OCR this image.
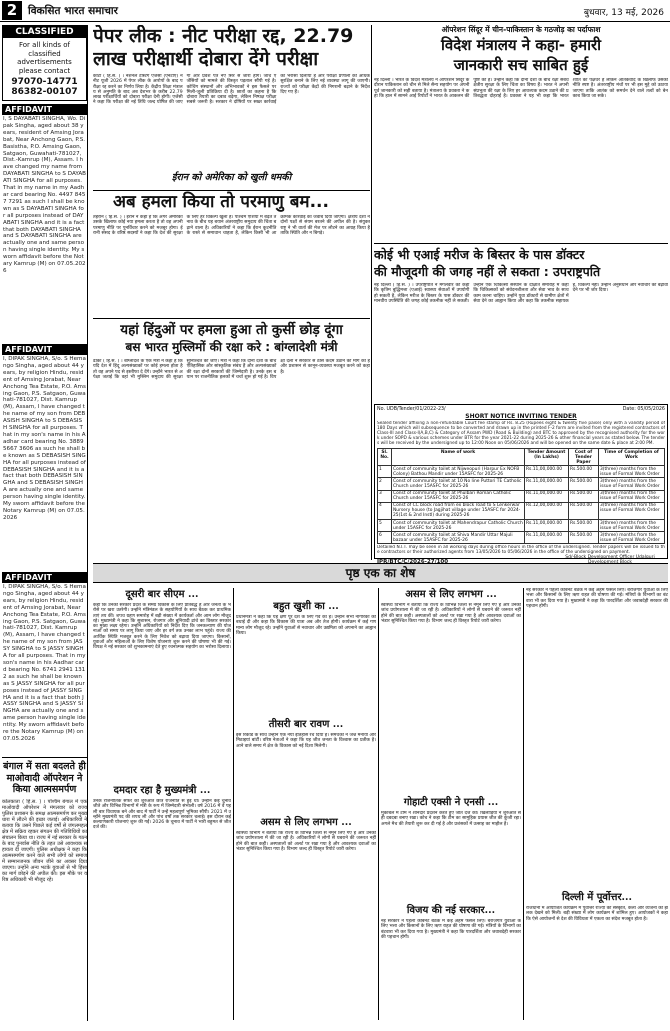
2	विकसित भारत समाचार	बुधवार, 13 मई, 2026
CLASSIFIED
For all kinds of classified advertisements please contact
97070-14771
86382-00107
AFFIDAVIT
I, S DAYABATI SINGHA, Wo. Dipak Singha, aged about 38 years, resident of Amsing Jorabat, Near Anchong Gaon, P.S. Basistha, P.O. Amsing Gaon, Satgaon, Guwahati-781027, Dist.-Kamrup (M), Assam. I have changed my name from DAYABATI SINGHA to S DAYABATI SINGHA for all purposes. That in my name in my Aadhar card bearing No. 4497 8457 7291 as such I shall be known as S DAYABATI SINGHA for all purposes instead of DAYABATI SINGHA and it is a fact that both DAYABATI SINGHA and S DAYABATI SINGHA are actually one and same person having single identity. My sworn affidavit before the Notary Kamrup (M) on 07.05.2026
AFFIDAVIT
I, DIPAK SINGHA, S/o. S Hemango Singha, aged about 44 years, by religion Hindu, resident of Amsing Jorabat, Near Anchong Tea Estate, P.O. Amsing Gaon, P.S. Satgaon, Guwahati-781027, Dist. Kamrup (M), Assam, I have changed the name of my son from DEBASISH SINGHA to S DEBASISH SINGHA for all purposes. That in my son's name in his Aadhar card bearing No. 3889 5667 3606 as such he shall be known as S DEBASISH SINGHA for all purposes instead of DEBASISH SINGHA and it is a fact that both DEBASISH SINGHA and S DEBASISH SINGHA are actually one and same person having single identity. My sworn affidavit before the Notary Kamrup (M) on 07.05.2026
AFFIDAVIT
I, DIPAK SINGHA, S/o. S Hemango Singha, aged about 44 years, by religion Hindu, resident of Amsing Jorabat, Near Anchong Tea Estate, P.O. Amsing Gaon, P.S. Satgaon, Guwahati-781027, Dist. Kamrup (M), Assam, I have changed the name of my son from JASSY SINGHA to S JASSY SINGHA for all purposes. That in my son's name in his Aadhar card bearing No. 6741 2941 1312 as such he shall be known as S JASSY SINGHA for all purposes instead of JASSY SINGHA and it is a fact that both JASSY SINGHA and S JASSY SINGHA are actually one and same person having single identity. My sworn affidavit before the Notary Kamrup (M) on 07.05.2026
बंगाल में सता बदलते ही माओवादी ऑपरेशन ने किया आत्मसमर्पण
कोलकाता ( हि.स. ) । पश्चिम बंगाल में एक माओवादी ऑपरेशन ने मंगलवार को राज्य पुलिस प्रशासन के समक्ष आत्मसमर्पण कर मुख्यधारा में लौटने की इच्छा जताई। अधिकारियों ने बताया कि उसने पिछले कई वर्षों से जंगलमहल क्षेत्र में सक्रिय रहकर संगठन की गतिविधियों का संचालन किया था। राज्य में नई सरकार के गठन के बाद पुनर्वास नीति के तहत उसे आवश्यक सहायता दी जाएगी। पुलिस अधीक्षक ने कहा कि आत्मसमर्पण करने वाले सभी लोगों को समाज में सम्मानजनक जीवन जीने का अवसर दिया जाएगा। उन्होंने अन्य भटके युवाओं से भी हिंसा का मार्ग छोड़ने की अपील की। इस मौके पर वरिष्ठ अधिकारी भी मौजूद रहे।
पेपर लीक : नीट परीक्षा रद्द, 22.79
लाख परीक्षार्थी दोबारा देंगे परीक्षा
कोटा ( हि.स. ) । नेशनल टेस्टिंग एजेंसी (एनटीए) ने नीट यूजी 2026 में पेपर लीक के आरोपों के बाद परीक्षा रद्द करने का निर्णय लिया है। केंद्रीय शिक्षा मंत्रालय से अनुमति के बाद अब देशभर के करीब 22.79 लाख परीक्षार्थियों को दोबारा परीक्षा देनी होगी। एजेंसी ने कहा कि परीक्षा की नई तिथि जल्द घोषित की जाएगी और प्रवेश पत्र नए सिरे से जारी होंगे। जांच एजेंसियों को मामले की विस्तृत पड़ताल सौंपी गई है। कोचिंग संस्थानों और अभिभावकों ने इस फैसले पर मिली-जुली प्रतिक्रिया दी है। छात्रों का कहना है कि दोबारा तैयारी का दबाव बढ़ेगा, लेकिन निष्पक्ष परीक्षा सबसे जरूरी है। सरकार ने दोषियों पर सख्त कार्रवाई का भरोसा दिलाया है और परीक्षा प्रणाली को अधिक सुरक्षित बनाने के लिए नई व्यवस्था लागू की जाएगी। राज्यों को परीक्षा केंद्रों की निगरानी बढ़ाने के निर्देश दिए गए हैं।
ईरान को अमेरिका को खुली धमकी
अब हमला किया तो परमाणु बम...
तेहरान ( हि.स. ) । ईरान ने कहा है कि अगर अमेरिका उसके खिलाफ कोई नया हमला करता है तो वह अपनी परमाणु नीति पर पुनर्विचार करने को मजबूर होगा। ईरानी संसद के वरिष्ठ सदस्यों ने कहा कि देश की सुरक्षा के लिए हर विकल्प खुला है। पश्चिम एशिया में बढ़ते तनाव के बीच यह बयान अंतरराष्ट्रीय समुदाय की चिंता बढ़ाने वाला है। अधिकारियों ने कहा कि ईरान कूटनीति के रास्ते से समाधान चाहता है, लेकिन किसी भी आक्रामक कार्रवाई का जवाब दिया जाएगा। क्षेत्रीय देशों ने दोनों पक्षों से संयम बरतने की अपील की है। संयुक्त राष्ट्र ने भी वार्ता की मेज पर लौटने का आग्रह किया है ताकि स्थिति और न बिगड़े।
यहां हिंदुओं पर हमला हुआ तो कुर्सी छोड़ दूंगा
बस भारत मुस्लिमों की रक्षा करे : बांग्लादेशी मंत्री
ढाका ( हि.स. ) । बांग्लादेश के एक मंत्री ने कहा है कि यदि देश में हिंदू अल्पसंख्यकों पर कोई हमला होता है तो वह अपने पद से इस्तीफा दे देंगे। उन्होंने भारत से अपेक्षा जताई कि वहां भी मुस्लिम समुदाय की सुरक्षा सुनिश्चित की जाए। मंत्री ने कहा कि दोनों देशों के बीच ऐतिहासिक और सांस्कृतिक संबंध हैं और अल्पसंख्यकों की रक्षा दोनों सरकारों की जिम्मेदारी है। उनके इस बयान पर राजनीतिक हलकों में चर्चा शुरू हो गई है। विपक्षी दलों ने सरकार से ठोस कदम उठाने की मांग की है और प्रशासन से कानून-व्यवस्था मजबूत करने को कहा है।
ऑपरेशन सिंदूर में चीन-पाकिस्तान के गठजोड़ का पर्दाफाश
विदेश मंत्रालय ने कहा- हमारी
जानकारी सच साबित हुई
नई दिल्ली । भारत के विदेश मंत्रालय ने ऑपरेशन सिंदूर के दौरान पाकिस्तान को चीन से मिले सैन्य सहयोग पर अपनी पूर्व जानकारी को सही बताया है। मंत्रालय के प्रवक्ता ने कहा कि हाल में सामने आई रिपोर्टों ने भारत के आकलन की पुष्टि की है। उन्होंने कहा कि दोनों देशों के बीच रक्षा संबंध क्षेत्रीय सुरक्षा के लिए चिंता का विषय हैं। भारत ने अपनी संप्रभुता की रक्षा के लिए हर आवश्यक कदम उठाने की प्रतिबद्धता दोहराई है। प्रवक्ता ने यह भी कहा कि भारत शांति का पक्षधर है लेकिन आतंकवाद के खिलाफ उसकी नीति स्पष्ट है। अंतरराष्ट्रीय मंचों पर भी इस मुद्दे को उठाया जाएगा ताकि आतंक को समर्थन देने वाले तत्वों को बेनकाब किया जा सके।
कोई भी एआई मरीज के बिस्तर के पास डॉक्टर
की मौजूदगी की जगह नहीं ले सकता : उपराष्ट्रपति
नई दिल्ली ( हि.स. ) । उपराष्ट्रपति ने मंगलवार को कहा कि कृत्रिम बुद्धिमत्ता (एआई) स्वास्थ्य सेवाओं में उपयोगी हो सकती है, लेकिन मरीज के बिस्तर के पास डॉक्टर की मानवीय उपस्थिति की जगह कोई तकनीक नहीं ले सकती। उन्होंने एक चिकित्सा संस्थान के दीक्षांत समारोह में कहा कि चिकित्सकों को संवेदनशीलता और सेवा भाव के साथ काम करना चाहिए। उन्होंने युवा डॉक्टरों से ग्रामीण क्षेत्रों में सेवा देने का आह्वान किया और कहा कि तकनीक सहायक है, विकल्प नहीं। उन्होंने अनुसंधान और नवाचार को बढ़ावा देने पर भी जोर दिया।
No. UDB/Tender/01/2022-23/	Date: 05/05/2026
SHORT NOTICE INVITING TENDER
Sealed tender affixing a non-refundable Court fee stamp of Rs. 8.25 (Rupees eight & twenty five paise) only with a validity period of 180 Days which will subsequence to be converted and drawn up in the printed F-2 form are invited from the registered contractors of Class-III and Class-I(A,B,C) & Category of Assam PWD (Road & Building) and BTC to approved by the recognised authority for the work under SOPD & various schemes under BTR for the year 2021-22 during 2025-26 & other financial years as stated below. The tenders will be received by the undersigned up to 12:00 Noon on 05/06/2026 and will be opened on the same date & place at 2:00 PM.
Sl. No.	Name of work	Tender Amount (In Lakhs)	Cost of Tender Paper	Time of Completion of Work
1	Const of community toilet at Nijweopuri (Harpur Ex NOFB Colony) Bathou Mandir under 15ASFC for 2025-26	Rs.11,00,000.00	Rs.500.00	3(three) months from the issue of Formal Work Order
2	Const of community toilet at 10 No line Puttori TE Catholic Church under 15ASFC for 2025-26	Rs.11,00,000.00	Rs.500.00	3(three) months from the issue of Formal Work Order
3	Const of community toilet at Phulbari Roman Catholic Church under 15ASFC for 2025-26	Rs.11,00,000.00	Rs.500.00	3(three) months from the issue of Formal Work Order
4	Const of CC block road from ex block road to S Lenkerwar Nursery house (to Jagjihat village under 15ASFC for 2024-25(1st & 2nd Instl) during 2025-26	Rs.12,00,000.00	Rs.500.00	3(three) months from the issue of Formal Work Order
5	Const of community toilet at Mahendrapur Catholic Church under 15ASFC for 2025-26	Rs.11,00,000.00	Rs.500.00	3(three) months from the issue of Formal Work Order
6	Const of community toilet at Shiva Mandir Uttar Majuli bazaar under 15ASFC for 2025-26	Rs.11,00,000.00	Rs.500.00	3(three) months from the issue of Formal Work Order
Detailed N.I.T. may be seen in all working days during office hours in the office of the undersigned. Tender papers will be issued to the contractors or their authorized agents from 13/05/2026 to 05/06/2026 in the office of the undersigned on payment.
Sd/-Block Development Officer Udalguri
पृष्ठ एक का शेष
दूसरी बार सीएम ...
कहा कि उनकी सरकार प्रदेश के समग्र विकास के लिए प्रतिबद्ध है और जनता के भरोसे पर खरा उतरेगी। उन्होंने मंत्रिमंडल के सहयोगियों के साथ बैठक कर प्राथमिकताएं तय कीं। शपथ ग्रहण समारोह में बड़ी संख्या में कार्यकर्ता और आम लोग मौजूद रहे। मुख्यमंत्री ने कहा कि सुशासन, रोजगार और बुनियादी ढांचे का विस्तार सरकार का मुख्य लक्ष्य रहेगा। उन्होंने अधिकारियों को निर्देश दिए कि जनकल्याण की योजनाओं को समय पर लागू किया जाए और हर वर्ग तक उनका लाभ पहुंचे। राज्य की आर्थिक स्थिति मजबूत करने के लिए निवेश को बढ़ावा दिया जाएगा। किसानों, युवाओं और महिलाओं के लिए विशेष योजनाएं शुरू करने की घोषणा भी की गई। विपक्ष ने नई सरकार को शुभकामनाएं देते हुए रचनात्मक सहयोग का भरोसा दिलाया।
दमदार रहा है मुख्यमंत्री ...
उनके राजनीतिक सफर की शुरुआत छात्र राजनीति से हुई थी। उन्होंने कई चुनाव जीते और विभिन्न विभागों में मंत्री के रूप में जिम्मेदारी संभाली। वर्ष 2016 में वे पहली बार विधायक बने और बाद में पार्टी ने उन्हें महत्वपूर्ण भूमिका सौंपी। 2021 में उन्होंने मुख्यमंत्री पद की शपथ ली और पांच वर्षों तक सरकार चलाई। इस दौरान कई कल्याणकारी योजनाएं शुरू की गईं। 2026 के चुनाव में पार्टी ने भारी बहुमत से जीत दर्ज की।
बहुत खुशी का ...
प्रधानमंत्री ने कहा कि यह क्षण पूरे देश के लिए गर्व का है। उन्होंने सभी नागरिकों को बधाई दी और कहा कि विकास की यात्रा अब और तेज होगी। कार्यक्रम में कई गणमान्य लोग मौजूद रहे। उन्होंने युवाओं से नवाचार और उद्यमिता को अपनाने का आह्वान किया।
तीसरी बार रावण ...
इस रिकॉर्ड के साथ उन्होंने एक नया इतिहास रच दिया है। समर्थकों ने जश्न मनाया और मिठाइयां बांटीं। वरिष्ठ नेताओं ने कहा कि यह जीत जनता के विश्वास का प्रतीक है। आने वाले समय में क्षेत्र के विकास को नई दिशा मिलेगी।
असम से लिए लगभग ...
स्वास्थ्य विभाग ने बताया कि राज्य के विभिन्न जिलों से नमूने लिए गए हैं और उनकी जांच प्रयोगशाला में की जा रही है। अधिकारियों ने लोगों से घबराने की जरूरत नहीं होने की बात कही। अस्पतालों को अलर्ट पर रखा गया है और आवश्यक दवाओं का भंडार सुनिश्चित किया गया है। विभाग जल्द ही विस्तृत रिपोर्ट जारी करेगा।
असम से लिए लगभग ...
स्वास्थ्य विभाग ने बताया कि राज्य के विभिन्न जिलों से नमूने लिए गए हैं और उनकी जांच प्रयोगशाला में की जा रही है। अधिकारियों ने लोगों से घबराने की जरूरत नहीं होने की बात कही। अस्पतालों को अलर्ट पर रखा गया है और आवश्यक दवाओं का भंडार सुनिश्चित किया गया है। विभाग जल्द ही विस्तृत रिपोर्ट जारी करेगा।
गोहाटी एक्सी ने एनसी ...
मुकाबले में टीम ने शानदार प्रदर्शन करते हुए जीत दर्ज की। खिलाड़ियों ने शुरुआत से ही दबदबा बनाए रखा। कोच ने कहा कि टीम का सामूहिक प्रयास जीत की कुंजी रहा। अगले मैच की तैयारी शुरू कर दी गई है और प्रशंसकों में उत्साह का माहौल है।
विजय की नई सरकार...
नई सरकार ने पहली कैबिनेट बैठक में कई अहम फैसले लिए। बेरोजगार युवाओं के लिए भत्ता और किसानों के लिए ऋण राहत की घोषणा की गई। मंत्रियों के विभागों का बंटवारा भी कर दिया गया है। मुख्यमंत्री ने कहा कि पारदर्शिता और जवाबदेही सरकार की पहचान होगी।
नई सरकार ने पहली कैबिनेट बैठक में कई अहम फैसले लिए। बेरोजगार युवाओं के लिए भत्ता और किसानों के लिए ऋण राहत की घोषणा की गई। मंत्रियों के विभागों का बंटवारा भी कर दिया गया है। मुख्यमंत्री ने कहा कि पारदर्शिता और जवाबदेही सरकार की पहचान होगी।
दिल्ली में पूर्वोत्तर...
राजधानी में आयोजित कार्यक्रम में पूर्वोत्तर राज्यों की संस्कृति, कला और व्यंजनों की झलक देखने को मिली। बड़ी संख्या में लोग कार्यक्रम में शामिल हुए। आयोजकों ने कहा कि ऐसे आयोजनों से देश की विविधता में एकता का संदेश मजबूत होता है।
